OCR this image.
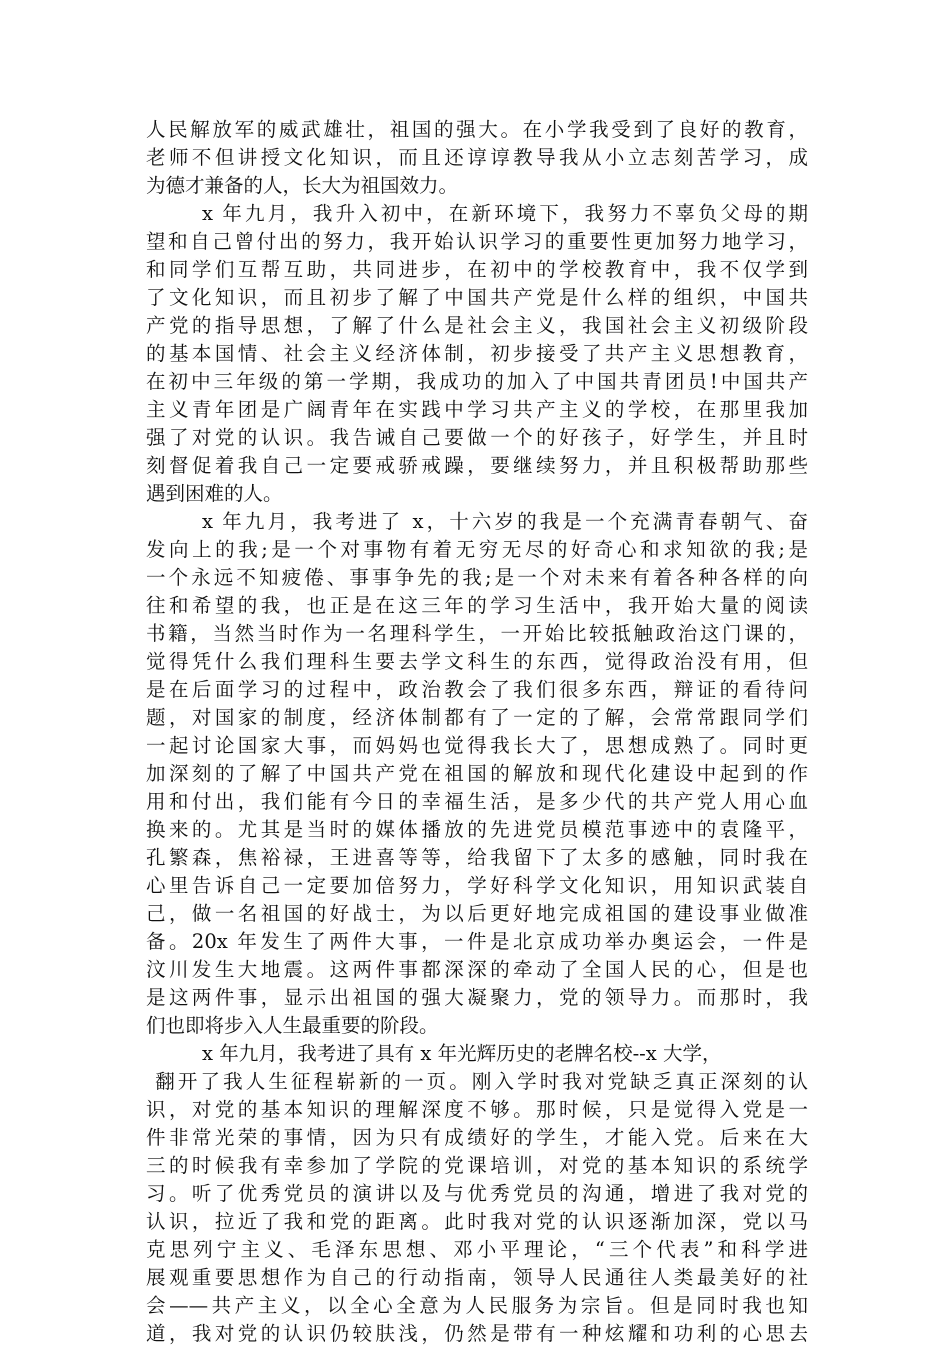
人民解放军的威武雄壮，祖国的强大。在小学我受到了良好的教育，
老师不但讲授文化知识，而且还谆谆教导我从小立志刻苦学习，成
为德才兼备的人，长大为祖国效力。
x 年九月，我升入初中，在新环境下，我努力不辜负父母的期
望和自己曾付出的努力，我开始认识学习的重要性更加努力地学习，
和同学们互帮互助，共同进步，在初中的学校教育中，我不仅学到
了文化知识，而且初步了解了中国共产党是什么样的组织，中国共
产党的指导思想，了解了什么是社会主义，我国社会主义初级阶段
的基本国情、社会主义经济体制，初步接受了共产主义思想教育，
在初中三年级的第一学期，我成功的加入了中国共青团员!中国共产
主义青年团是广阔青年在实践中学习共产主义的学校，在那里我加
强了对党的认识。我告诫自己要做一个的好孩子，好学生，并且时
刻督促着我自己一定要戒骄戒躁，要继续努力，并且积极帮助那些
遇到困难的人。
x 年九月，我考进了 x，十六岁的我是一个充满青春朝气、奋
发向上的我;是一个对事物有着无穷无尽的好奇心和求知欲的我;是
一个永远不知疲倦、事事争先的我;是一个对未来有着各种各样的向
往和希望的我，也正是在这三年的学习生活中，我开始大量的阅读
书籍，当然当时作为一名理科学生，一开始比较抵触政治这门课的，
觉得凭什么我们理科生要去学文科生的东西，觉得政治没有用，但
是在后面学习的过程中，政治教会了我们很多东西，辩证的看待问
题，对国家的制度，经济体制都有了一定的了解，会常常跟同学们
一起讨论国家大事，而妈妈也觉得我长大了，思想成熟了。同时更
加深刻的了解了中国共产党在祖国的解放和现代化建设中起到的作
用和付出，我们能有今日的幸福生活，是多少代的共产党人用心血
换来的。尤其是当时的媒体播放的先进党员模范事迹中的袁隆平，
孔繁森，焦裕禄，王进喜等等，给我留下了太多的感触，同时我在
心里告诉自己一定要加倍努力，学好科学文化知识，用知识武装自
己，做一名祖国的好战士，为以后更好地完成祖国的建设事业做准
备。20x 年发生了两件大事，一件是北京成功举办奥运会，一件是
汶川发生大地震。这两件事都深深的牵动了全国人民的心，但是也
是这两件事，显示出祖国的强大凝聚力，党的领导力。而那时，我
们也即将步入人生最重要的阶段。
x 年九月，我考进了具有 x 年光辉历史的老牌名校--x 大学，
翻开了我人生征程崭新的一页。刚入学时我对党缺乏真正深刻的认
识，对党的基本知识的理解深度不够。那时候，只是觉得入党是一
件非常光荣的事情，因为只有成绩好的学生，才能入党。后来在大
三的时候我有幸参加了学院的党课培训，对党的基本知识的系统学
习。听了优秀党员的演讲以及与优秀党员的沟通，增进了我对党的
认识，拉近了我和党的距离。此时我对党的认识逐渐加深，党以马
克思列宁主义、毛泽东思想、邓小平理论，“三个代表”和科学进
展观重要思想作为自己的行动指南，领导人民通往人类最美好的社
会——共产主义，以全心全意为人民服务为宗旨。但是同时我也知
道，我对党的认识仍较肤浅，仍然是带有一种炫耀和功利的心思去
